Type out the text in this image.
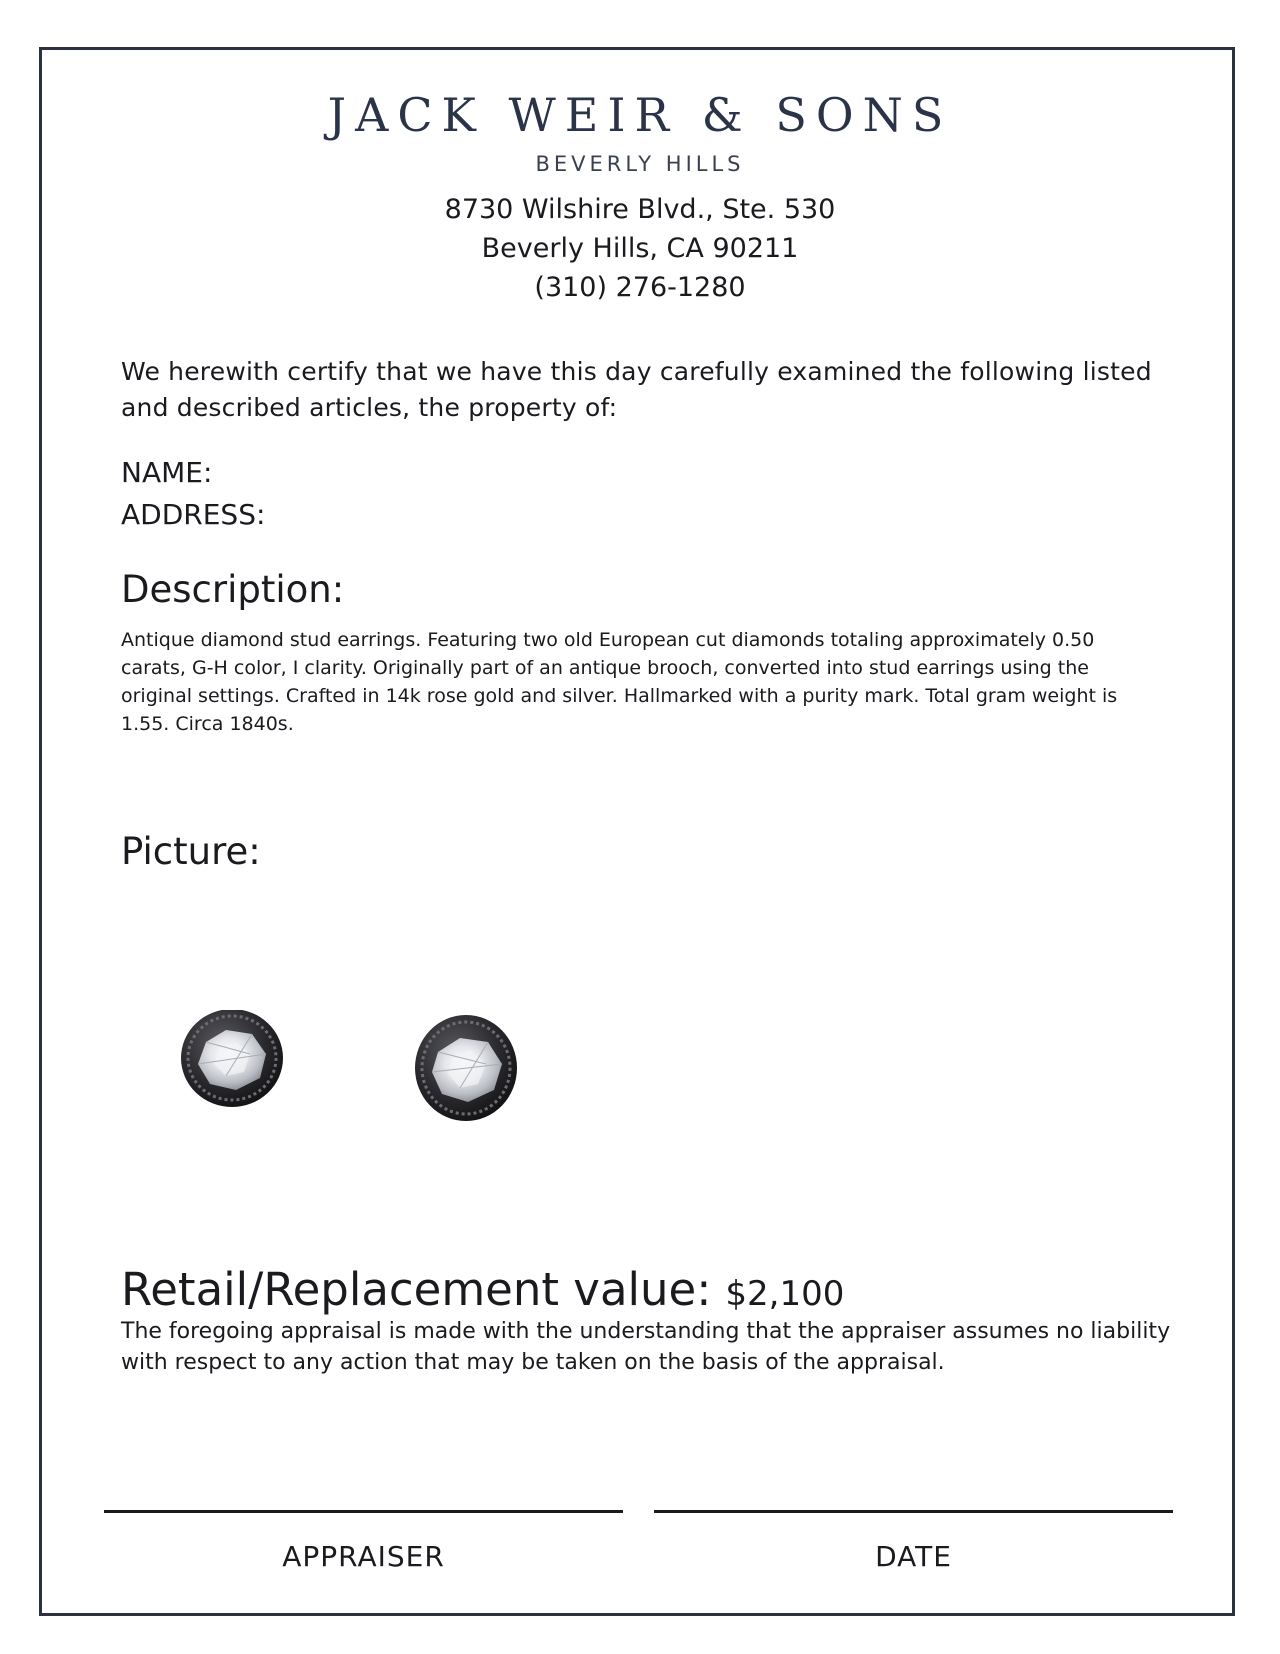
JACK WEIR & SONS
BEVERLY HILLS
8730 Wilshire Blvd., Ste. 530
Beverly Hills, CA 90211
(310) 276-1280
We herewith certify that we have this day carefully examined the following listed and described articles, the property of:
NAME:
ADDRESS:
Description:
Antique diamond stud earrings. Featuring two old European cut diamonds totaling approximately 0.50 carats, G-H color, I clarity. Originally part of an antique brooch, converted into stud earrings using the original settings. Crafted in 14k rose gold and silver. Hallmarked with a purity mark. Total gram weight is 1.55. Circa 1840s.
Picture:
Retail/Replacement value: $2,100
The foregoing appraisal is made with the understanding that the appraiser assumes no liability with respect to any action that may be taken on the basis of the appraisal.
APPRAISER	DATE
